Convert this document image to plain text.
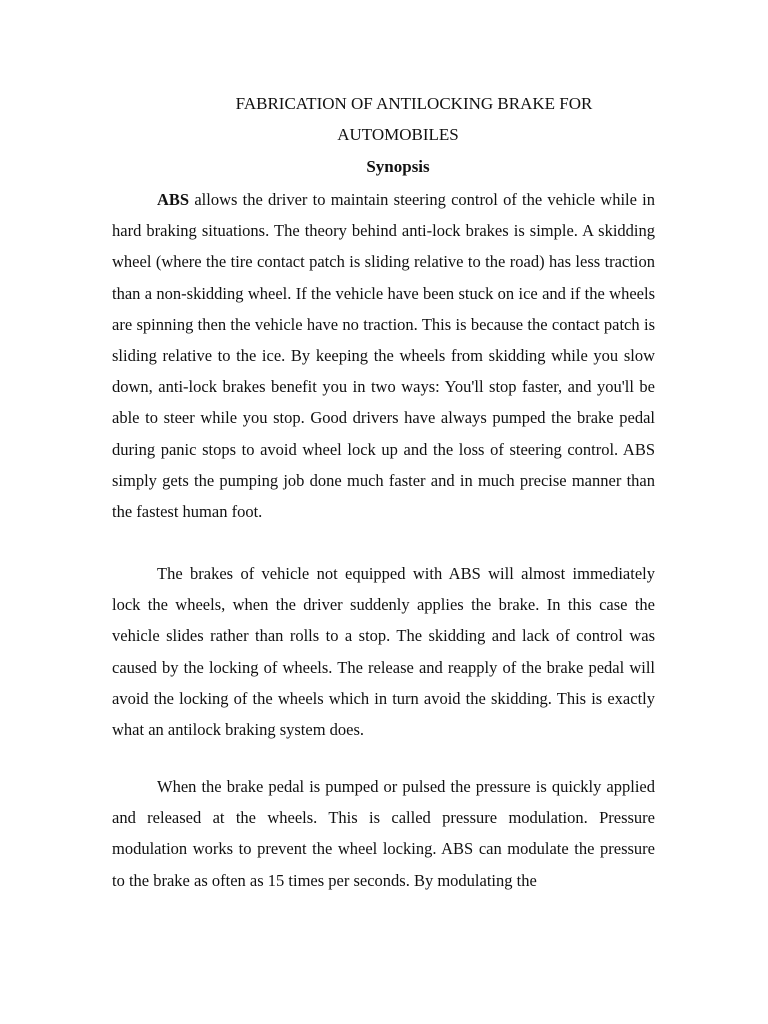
FABRICATION OF ANTILOCKING BRAKE FOR
AUTOMOBILES
Synopsis

ABS allows the driver to maintain steering control of the vehicle while in hard braking situations. The theory behind anti-lock brakes is simple. A skidding wheel (where the tire contact patch is sliding relative to the road) has less traction than a non-skidding wheel. If the vehicle have been stuck on ice and if the wheels are spinning then the vehicle have no traction. This is because the contact patch is sliding relative to the ice. By keeping the wheels from skidding while you slow down, anti-lock brakes benefit you in two ways: You'll stop faster, and you'll be able to steer while you stop. Good drivers have always pumped the brake pedal during panic stops to avoid wheel lock up and the loss of steering control. ABS simply gets the pumping job done much faster and in much precise manner than the fastest human foot.

The brakes of vehicle not equipped with ABS will almost immediately lock the wheels, when the driver suddenly applies the brake. In this case the vehicle slides rather than rolls to a stop. The skidding and lack of control was caused by the locking of wheels. The release and reapply of the brake pedal will avoid the locking of the wheels which in turn avoid the skidding. This is exactly what an antilock braking system does.

When the brake pedal is pumped or pulsed the pressure is quickly applied and released at the wheels. This is called pressure modulation. Pressure modulation works to prevent the wheel locking. ABS can modulate the pressure to the brake as often as 15 times per seconds. By modulating the
